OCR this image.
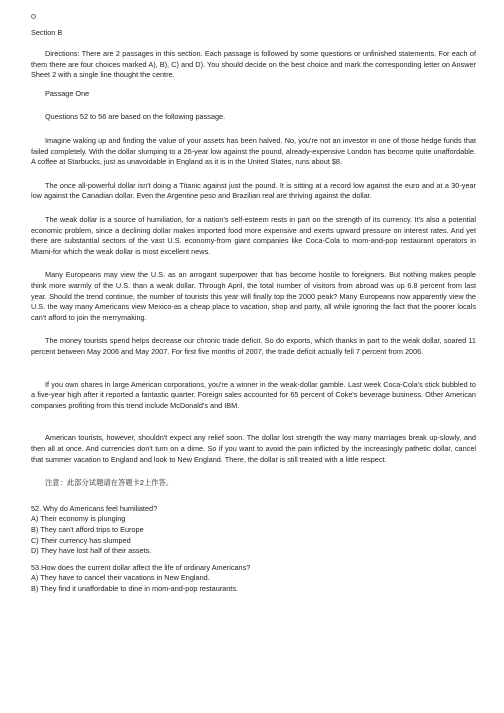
Section B
Directions: There are 2 passages in this section. Each passage is followed by some questions or unfinished statements. For each of them there are four choices marked A), B), C) and D). You should decide on the best choice and mark the corresponding letter on Answer Sheet 2 with a single line thought the centre.
Passage One
Questions 52 to 56 are based on the following passage.
Imagine waking up and finding the value of your assets has been halved. No, you're not an investor in one of those hedge funds that failed completely. With the dollar slumping to a 26-year low against the pound, already-expensive London has become quite unaffordable. A coffee at Starbucks, just as unavoidable in England as it is in the United States, runs about $8.
The once all-powerful dollar isn't doing a Titanic against just the pound. It is sitting at a record low against the euro and at a 30-year low against the Canadian dollar. Even the Argentine peso and Brazilian real are thriving against the dollar.
The weak dollar is a source of humiliation, for a nation's self-esteem rests in part on the strength of its currency. It's also a potential economic problem, since a declining dollar makes imported food more expensive and exerts upward pressure on interest rates. And yet there are substantial sectors of the vast U.S. economy-from giant companies like Coca-Cola to mom-and-pop restaurant operators in Miami-for which the weak dollar is most excellent news.
Many Europeans may view the U.S. as an arrogant superpower that has become hostile to foreigners. But nothing makes people think more warmly of the U.S. than a weak dollar. Through April, the total number of visitors from abroad was up 6.8 percent from last year. Should the trend continue, the number of tourists this year will finally top the 2000 peak? Many Europeans now apparently view the U.S. the way many Americans view Mexico-as a cheap place to vacation, shop and party, all while ignoring the fact that the poorer locals can't afford to join the merrymaking.
The money tourists spend helps decrease our chronic trade deficit. So do exports, which thanks in part to the weak dollar, soared 11 percent between May 2006 and May 2007. For first five months of 2007, the trade deficit actually fell 7 percent from 2006.
If you own shares in large American corporations, you're a winner in the weak-dollar gamble. Last week Coca-Cola's stick bubbled to a five-year high after it reported a fantastic quarter. Foreign sales accounted for 65 percent of Coke's beverage business. Other American companies profiting from this trend include McDonald's and IBM.
American tourists, however, shouldn't expect any relief soon. The dollar lost strength the way many marriages break up-slowly, and then all at once. And currencies don't turn on a dime. So if you want to avoid the pain inflicted by the increasingly pathetic dollar, cancel that summer vacation to England and look to New England. There, the dollar is still treated with a little respect.
注意：此部分试题请在答题卡2上作答。
52. Why do Americans feel humiliated?
A) Their economy is plunging
B) They can't afford trips to Europe
C) Their currency has slumped
D) They have lost half of their assets.
53.How does the current dollar affect the life of ordinary Americans?
A) They have to cancel their vacations in New England.
B) They find it unaffordable to dine in mom-and-pop restaurants.
